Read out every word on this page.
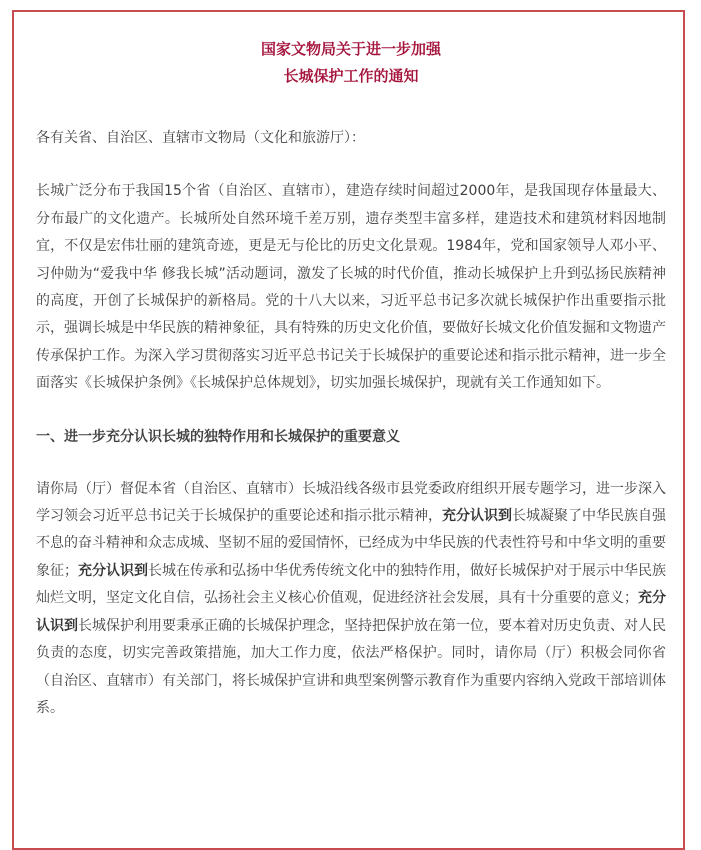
国家文物局关于进一步加强
长城保护工作的通知

各有关省、自治区、直辖市文物局（文化和旅游厅）：

长城广泛分布于我国15个省（自治区、直辖市），建造存续时间超过2000年，是我国现存体量最大、分布最广的文化遗产。长城所处自然环境千差万别，遗存类型丰富多样，建造技术和建筑材料因地制宜，不仅是宏伟壮丽的建筑奇迹，更是无与伦比的历史文化景观。1984年，党和国家领导人邓小平、习仲勋为“爱我中华 修我长城”活动题词，激发了长城的时代价值，推动长城保护上升到弘扬民族精神的高度，开创了长城保护的新格局。党的十八大以来，习近平总书记多次就长城保护作出重要指示批示，强调长城是中华民族的精神象征，具有特殊的历史文化价值，要做好长城文化价值发掘和文物遗产传承保护工作。为深入学习贯彻落实习近平总书记关于长城保护的重要论述和指示批示精神，进一步全面落实《长城保护条例》《长城保护总体规划》，切实加强长城保护，现就有关工作通知如下。

一、进一步充分认识长城的独特作用和长城保护的重要意义

请你局（厅）督促本省（自治区、直辖市）长城沿线各级市县党委政府组织开展专题学习，进一步深入学习领会习近平总书记关于长城保护的重要论述和指示批示精神，充分认识到长城凝聚了中华民族自强不息的奋斗精神和众志成城、坚韧不屈的爱国情怀，已经成为中华民族的代表性符号和中华文明的重要象征；充分认识到长城在传承和弘扬中华优秀传统文化中的独特作用，做好长城保护对于展示中华民族灿烂文明，坚定文化自信，弘扬社会主义核心价值观，促进经济社会发展，具有十分重要的意义；充分认识到长城保护利用要秉承正确的长城保护理念，坚持把保护放在第一位，要本着对历史负责、对人民负责的态度，切实完善政策措施，加大工作力度，依法严格保护。同时，请你局（厅）积极会同你省（自治区、直辖市）有关部门，将长城保护宣讲和典型案例警示教育作为重要内容纳入党政干部培训体系。
